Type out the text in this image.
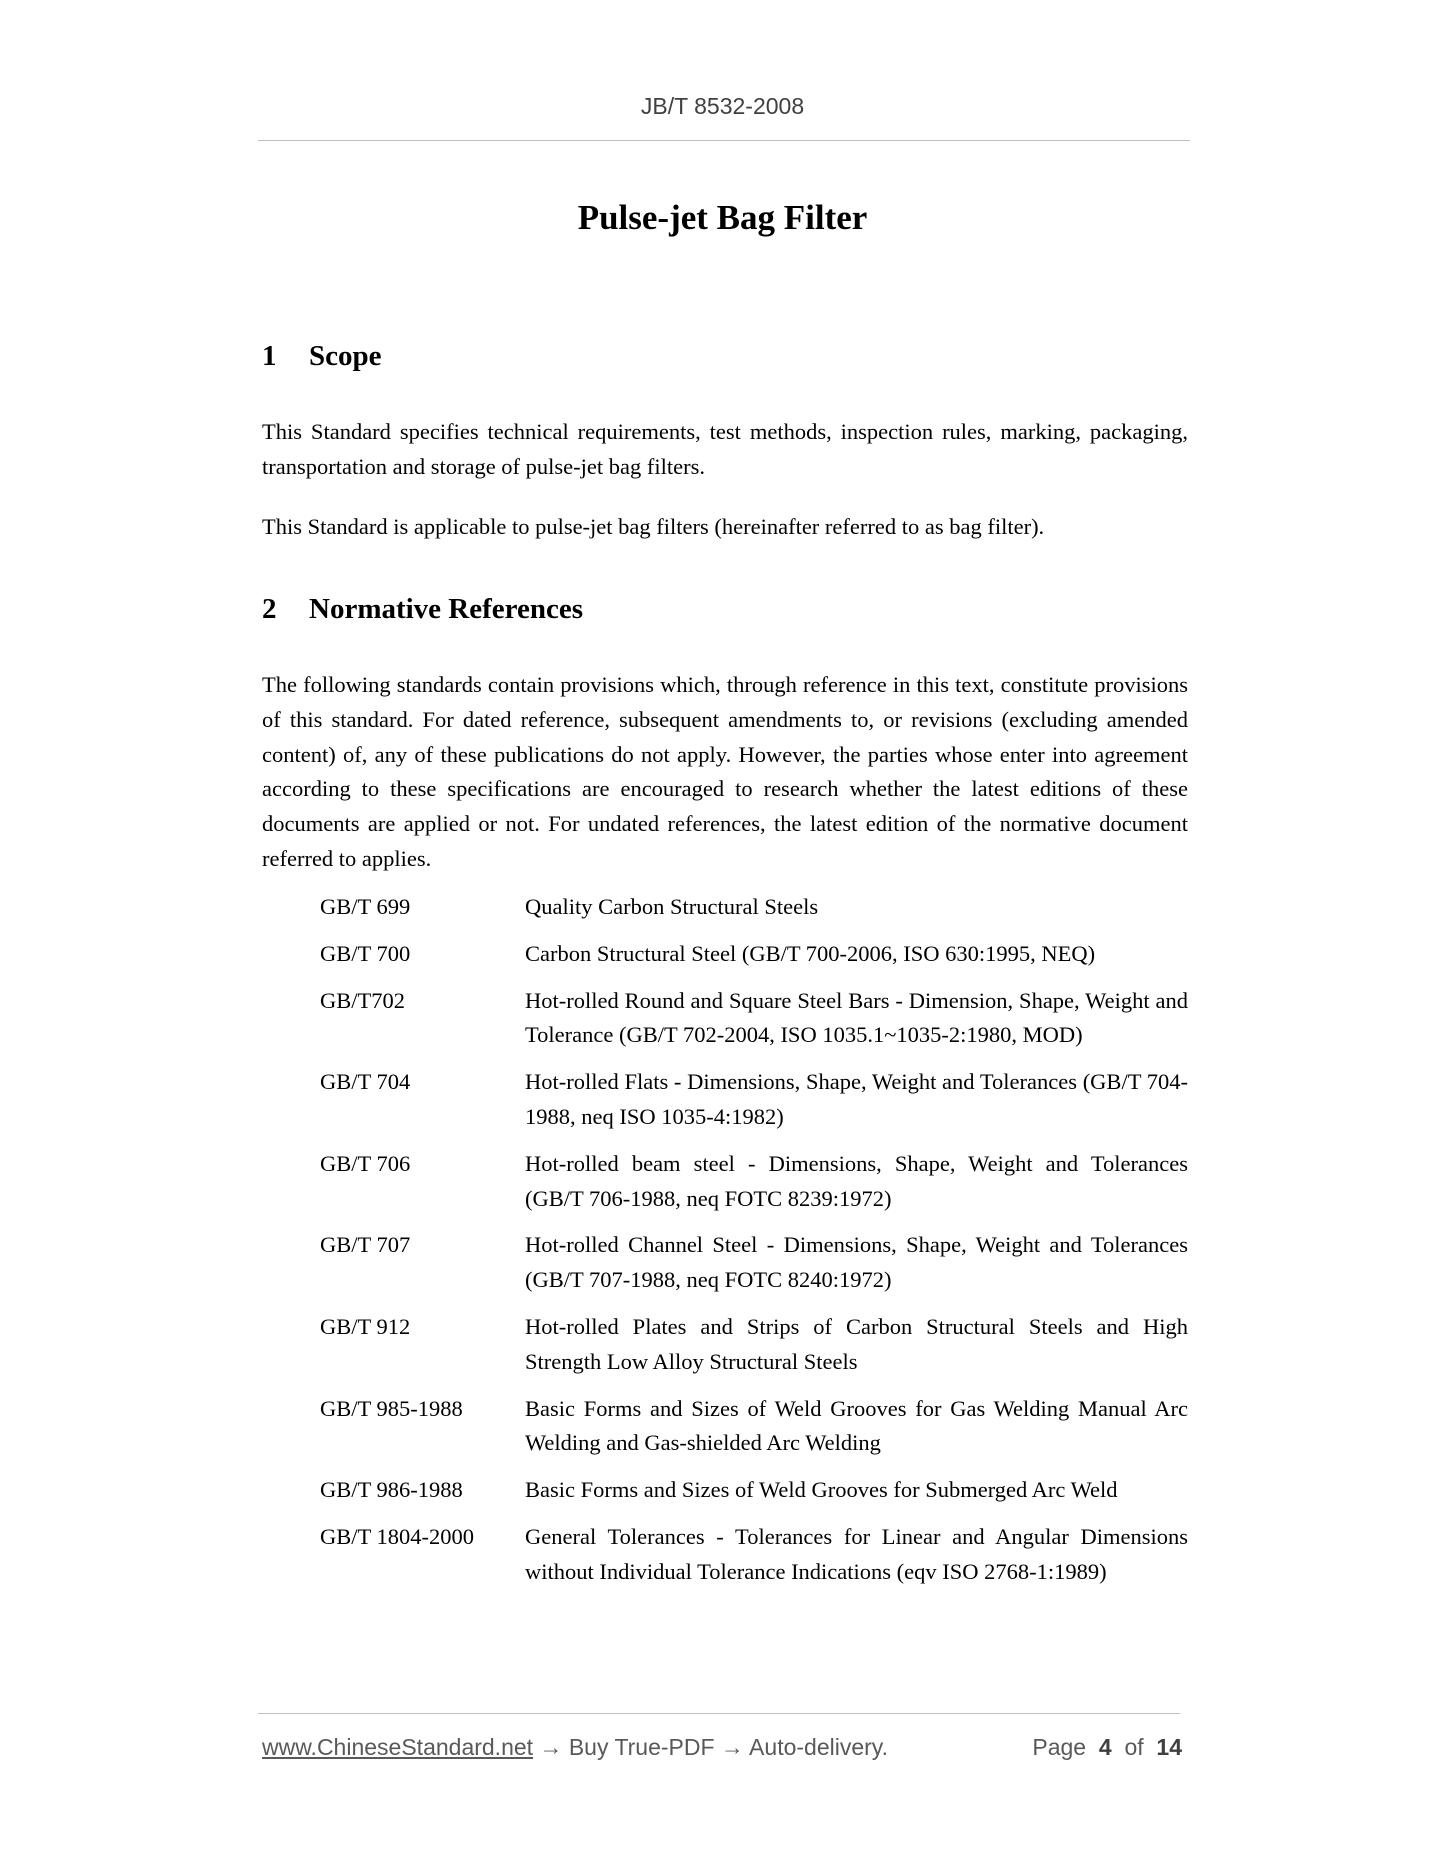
JB/T 8532-2008
Pulse-jet Bag Filter
1 Scope

This Standard specifies technical requirements, test methods, inspection rules, marking, packaging, transportation and storage of pulse-jet bag filters.

This Standard is applicable to pulse-jet bag filters (hereinafter referred to as bag filter).

2 Normative References

The following standards contain provisions which, through reference in this text, constitute provisions of this standard. For dated reference, subsequent amendments to, or revisions (excluding amended content) of, any of these publications do not apply. However, the parties whose enter into agreement according to these specifications are encouraged to research whether the latest editions of these documents are applied or not. For undated references, the latest edition of the normative document referred to applies.

GB/T 699	Quality Carbon Structural Steels
GB/T 700	Carbon Structural Steel (GB/T 700-2006, ISO 630:1995, NEQ)
GB/T702	Hot-rolled Round and Square Steel Bars - Dimension, Shape, Weight and Tolerance (GB/T 702-2004, ISO 1035.1~1035-2:1980, MOD)
GB/T 704	Hot-rolled Flats - Dimensions, Shape, Weight and Tolerances (GB/T 704-1988, neq ISO 1035-4:1982)
GB/T 706	Hot-rolled beam steel - Dimensions, Shape, Weight and Tolerances (GB/T 706-1988, neq FOTC 8239:1972)
GB/T 707	Hot-rolled Channel Steel - Dimensions, Shape, Weight and Tolerances (GB/T 707-1988, neq FOTC 8240:1972)
GB/T 912	Hot-rolled Plates and Strips of Carbon Structural Steels and High Strength Low Alloy Structural Steels
GB/T 985-1988	Basic Forms and Sizes of Weld Grooves for Gas Welding Manual Arc Welding and Gas-shielded Arc Welding
GB/T 986-1988	Basic Forms and Sizes of Weld Grooves for Submerged Arc Weld
GB/T 1804-2000	General Tolerances - Tolerances for Linear and Angular Dimensions without Individual Tolerance Indications (eqv ISO 2768-1:1989)
www.ChineseStandard.net → Buy True-PDF → Auto-delivery.	Page 4 of 14
